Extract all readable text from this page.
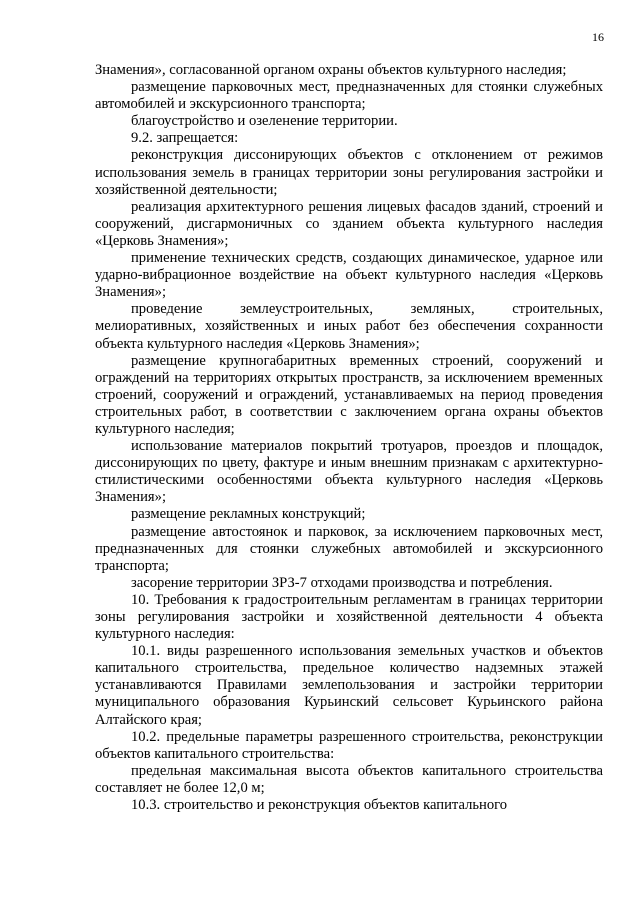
16

Знамения», согласованной органом охраны объектов культурного наследия;

размещение парковочных мест, предназначенных для стоянки служебных автомобилей и экскурсионного транспорта;

благоустройство и озеленение территории.

9.2. запрещается:

реконструкция диссонирующих объектов с отклонением от режимов использования земель в границах территории зоны регулирования застройки и хозяйственной деятельности;

реализация архитектурного решения лицевых фасадов зданий, строений и сооружений, дисгармоничных со зданием объекта культурного наследия «Церковь Знамения»;

применение технических средств, создающих динамическое, ударное или ударно-вибрационное воздействие на объект культурного наследия «Церковь Знамения»;

проведение землеустроительных, земляных, строительных, мелиоративных, хозяйственных и иных работ без обеспечения сохранности объекта культурного наследия «Церковь Знамения»;

размещение крупногабаритных временных строений, сооружений и ограждений на территориях открытых пространств, за исключением временных строений, сооружений и ограждений, устанавливаемых на период проведения строительных работ, в соответствии с заключением органа охраны объектов культурного наследия;

использование материалов покрытий тротуаров, проездов и площадок, диссонирующих по цвету, фактуре и иным внешним признакам с архитектурно-стилистическими особенностями объекта культурного наследия «Церковь Знамения»;

размещение рекламных конструкций;

размещение автостоянок и парковок, за исключением парковочных мест, предназначенных для стоянки служебных автомобилей и экскурсионного транспорта;

засорение территории ЗРЗ-7 отходами производства и потребления.

10. Требования к градостроительным регламентам в границах территории зоны регулирования застройки и хозяйственной деятельности 4 объекта культурного наследия:

10.1. виды разрешенного использования земельных участков и объектов капитального строительства, предельное количество надземных этажей устанавливаются Правилами землепользования и застройки территории муниципального образования Курьинский сельсовет Курьинского района Алтайского края;

10.2. предельные параметры разрешенного строительства, реконструкции объектов капитального строительства:

предельная максимальная высота объектов капитального строительства составляет не более 12,0 м;

10.3. строительство и реконструкция объектов капитального
